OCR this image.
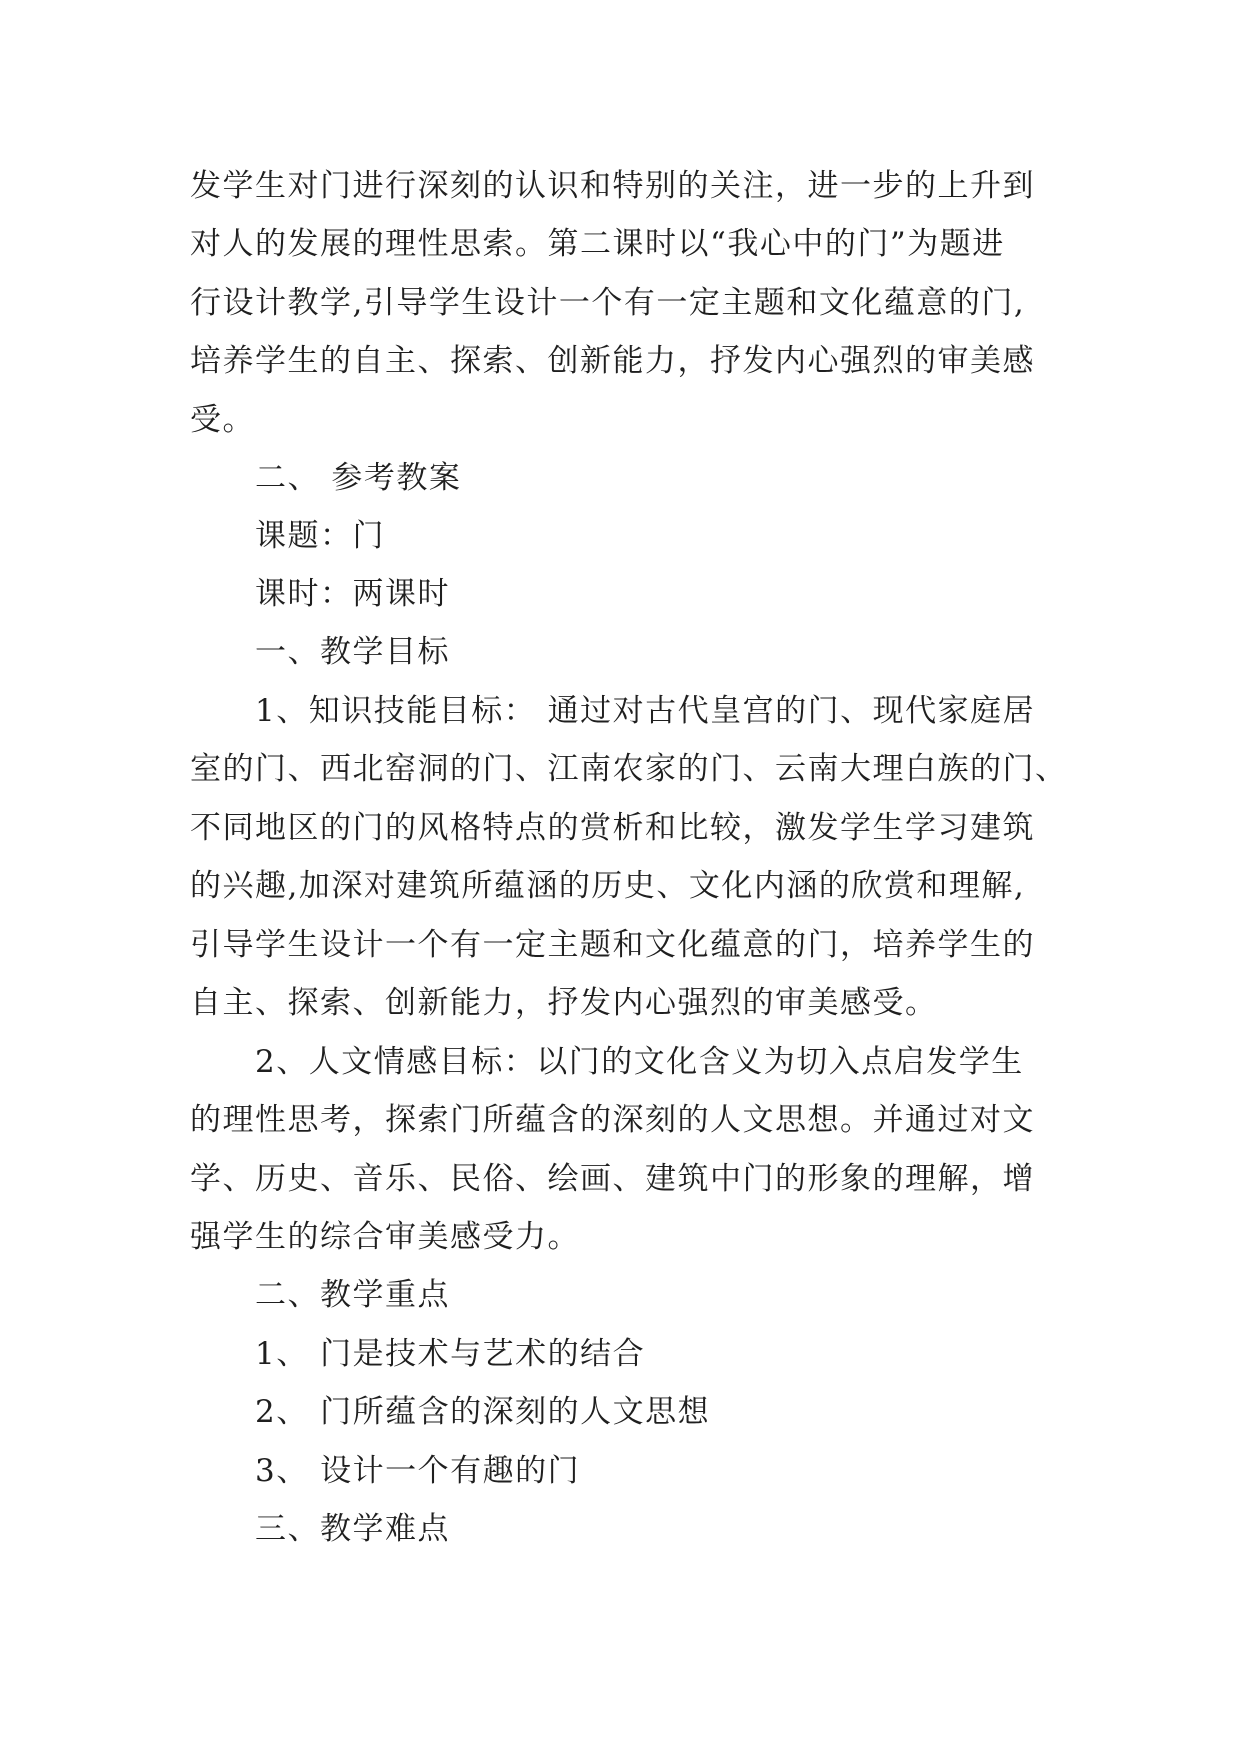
发学生对门进行深刻的认识和特别的关注，进一步的上升到
对人的发展的理性思索。第二课时以“我心中的门”为题进
行设计教学,引导学生设计一个有一定主题和文化蕴意的门,
培养学生的自主、探索、创新能力，抒发内心强烈的审美感
受。
二、 参考教案
课题：门
课时：两课时
一、教学目标
1、知识技能目标： 通过对古代皇宫的门、现代家庭居
室的门、西北窑洞的门、江南农家的门、云南大理白族的门、
不同地区的门的风格特点的赏析和比较，激发学生学习建筑
的兴趣,加深对建筑所蕴涵的历史、文化内涵的欣赏和理解,
引导学生设计一个有一定主题和文化蕴意的门，培养学生的
自主、探索、创新能力，抒发内心强烈的审美感受。
2、人文情感目标：以门的文化含义为切入点启发学生
的理性思考，探索门所蕴含的深刻的人文思想。并通过对文
学、历史、音乐、民俗、绘画、建筑中门的形象的理解，增
强学生的综合审美感受力。
二、教学重点
1、 门是技术与艺术的结合
2、 门所蕴含的深刻的人文思想
3、 设计一个有趣的门
三、教学难点
